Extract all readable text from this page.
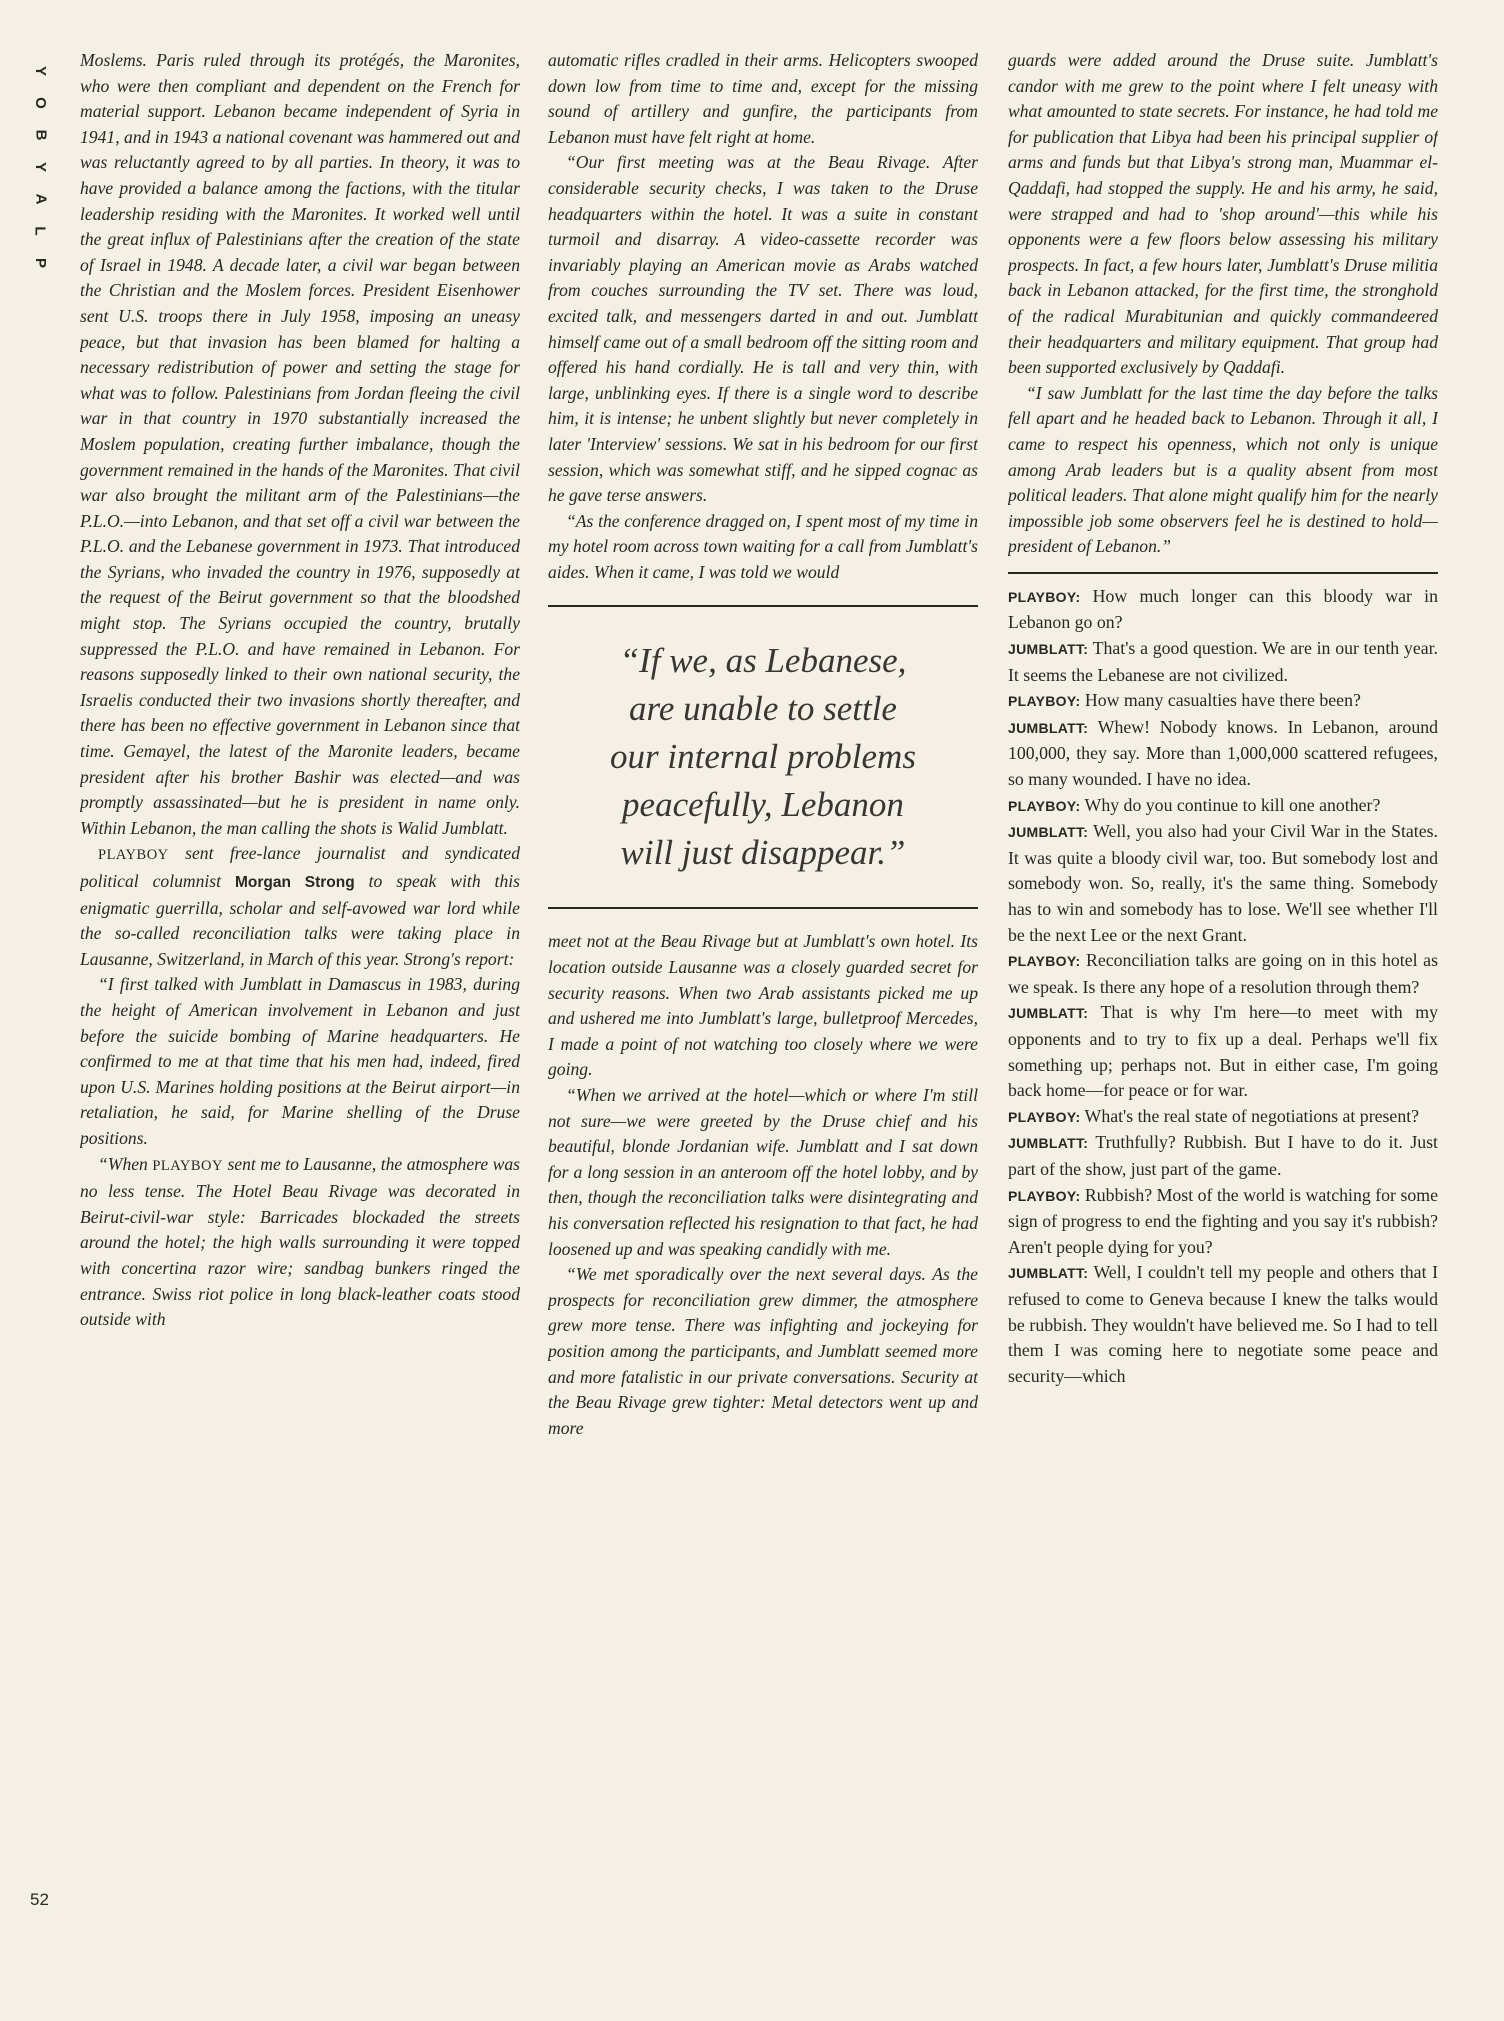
Y
O
B
Y
A
L
P
52

Moslems. Paris ruled through its protégés, the Maronites, who were then compliant and dependent on the French for material support. Lebanon became independent of Syria in 1941, and in 1943 a national covenant was hammered out and was reluctantly agreed to by all parties. In theory, it was to have provided a balance among the factions, with the titular leadership residing with the Maronites. It worked well until the great influx of Palestinians after the creation of the state of Israel in 1948. A decade later, a civil war began between the Christian and the Moslem forces. President Eisenhower sent U.S. troops there in July 1958, imposing an uneasy peace, but that invasion has been blamed for halting a necessary redistribution of power and setting the stage for what was to follow. Palestinians from Jordan fleeing the civil war in that country in 1970 substantially increased the Moslem population, creating further imbalance, though the government remained in the hands of the Maronites. That civil war also brought the militant arm of the Palestinians—the P.L.O.—into Lebanon, and that set off a civil war between the P.L.O. and the Lebanese government in 1973. That introduced the Syrians, who invaded the country in 1976, supposedly at the request of the Beirut government so that the bloodshed might stop. The Syrians occupied the country, brutally suppressed the P.L.O. and have remained in Lebanon. For reasons supposedly linked to their own national security, the Israelis conducted their two invasions shortly thereafter, and there has been no effective government in Lebanon since that time. Gemayel, the latest of the Maronite leaders, became president after his brother Bashir was elected—and was promptly assassinated—but he is president in name only. Within Lebanon, the man calling the shots is Walid Jumblatt.

PLAYBOY sent free-lance journalist and syndicated political columnist Morgan Strong to speak with this enigmatic guerrilla, scholar and self-avowed war lord while the so-called reconciliation talks were taking place in Lausanne, Switzerland, in March of this year. Strong's report:

“I first talked with Jumblatt in Damascus in 1983, during the height of American involvement in Lebanon and just before the suicide bombing of Marine headquarters. He confirmed to me at that time that his men had, indeed, fired upon U.S. Marines holding positions at the Beirut airport—in retaliation, he said, for Marine shelling of the Druse positions.

“When PLAYBOY sent me to Lausanne, the atmosphere was no less tense. The Hotel Beau Rivage was decorated in Beirut-civil-war style: Barricades blockaded the streets around the hotel; the high walls surrounding it were topped with concertina razor wire; sandbag bunkers ringed the entrance. Swiss riot police in long black-leather coats stood outside with

automatic rifles cradled in their arms. Helicopters swooped down low from time to time and, except for the missing sound of artillery and gunfire, the participants from Lebanon must have felt right at home.

“Our first meeting was at the Beau Rivage. After considerable security checks, I was taken to the Druse headquarters within the hotel. It was a suite in constant turmoil and disarray. A video-cassette recorder was invariably playing an American movie as Arabs watched from couches surrounding the TV set. There was loud, excited talk, and messengers darted in and out. Jumblatt himself came out of a small bedroom off the sitting room and offered his hand cordially. He is tall and very thin, with large, unblinking eyes. If there is a single word to describe him, it is intense; he unbent slightly but never completely in later 'Interview' sessions. We sat in his bedroom for our first session, which was somewhat stiff, and he sipped cognac as he gave terse answers.

“As the conference dragged on, I spent most of my time in my hotel room across town waiting for a call from Jumblatt's aides. When it came, I was told we would

“If we, as Lebanese,
are unable to settle
our internal problems
peacefully, Lebanon
will just disappear.”

meet not at the Beau Rivage but at Jumblatt's own hotel. Its location outside Lausanne was a closely guarded secret for security reasons. When two Arab assistants picked me up and ushered me into Jumblatt's large, bulletproof Mercedes, I made a point of not watching too closely where we were going.

“When we arrived at the hotel—which or where I'm still not sure—we were greeted by the Druse chief and his beautiful, blonde Jordanian wife. Jumblatt and I sat down for a long session in an anteroom off the hotel lobby, and by then, though the reconciliation talks were disintegrating and his conversation reflected his resignation to that fact, he had loosened up and was speaking candidly with me.

“We met sporadically over the next several days. As the prospects for reconciliation grew dimmer, the atmosphere grew more tense. There was infighting and jockeying for position among the participants, and Jumblatt seemed more and more fatalistic in our private conversations. Security at the Beau Rivage grew tighter: Metal detectors went up and more

guards were added around the Druse suite. Jumblatt's candor with me grew to the point where I felt uneasy with what amounted to state secrets. For instance, he had told me for publication that Libya had been his principal supplier of arms and funds but that Libya's strong man, Muammar el-Qaddafi, had stopped the supply. He and his army, he said, were strapped and had to 'shop around'—this while his opponents were a few floors below assessing his military prospects. In fact, a few hours later, Jumblatt's Druse militia back in Lebanon attacked, for the first time, the stronghold of the radical Murabitunian and quickly commandeered their headquarters and military equipment. That group had been supported exclusively by Qaddafi.

“I saw Jumblatt for the last time the day before the talks fell apart and he headed back to Lebanon. Through it all, I came to respect his openness, which not only is unique among Arab leaders but is a quality absent from most political leaders. That alone might qualify him for the nearly impossible job some observers feel he is destined to hold—president of Lebanon.”

PLAYBOY: How much longer can this bloody war in Lebanon go on?

JUMBLATT: That's a good question. We are in our tenth year. It seems the Lebanese are not civilized.

PLAYBOY: How many casualties have there been?

JUMBLATT: Whew! Nobody knows. In Lebanon, around 100,000, they say. More than 1,000,000 scattered refugees, so many wounded. I have no idea.

PLAYBOY: Why do you continue to kill one another?

JUMBLATT: Well, you also had your Civil War in the States. It was quite a bloody civil war, too. But somebody lost and somebody won. So, really, it's the same thing. Somebody has to win and somebody has to lose. We'll see whether I'll be the next Lee or the next Grant.

PLAYBOY: Reconciliation talks are going on in this hotel as we speak. Is there any hope of a resolution through them?

JUMBLATT: That is why I'm here—to meet with my opponents and to try to fix up a deal. Perhaps we'll fix something up; perhaps not. But in either case, I'm going back home—for peace or for war.

PLAYBOY: What's the real state of negotiations at present?

JUMBLATT: Truthfully? Rubbish. But I have to do it. Just part of the show, just part of the game.

PLAYBOY: Rubbish? Most of the world is watching for some sign of progress to end the fighting and you say it's rubbish? Aren't people dying for you?

JUMBLATT: Well, I couldn't tell my people and others that I refused to come to Geneva because I knew the talks would be rubbish. They wouldn't have believed me. So I had to tell them I was coming here to negotiate some peace and security—which
